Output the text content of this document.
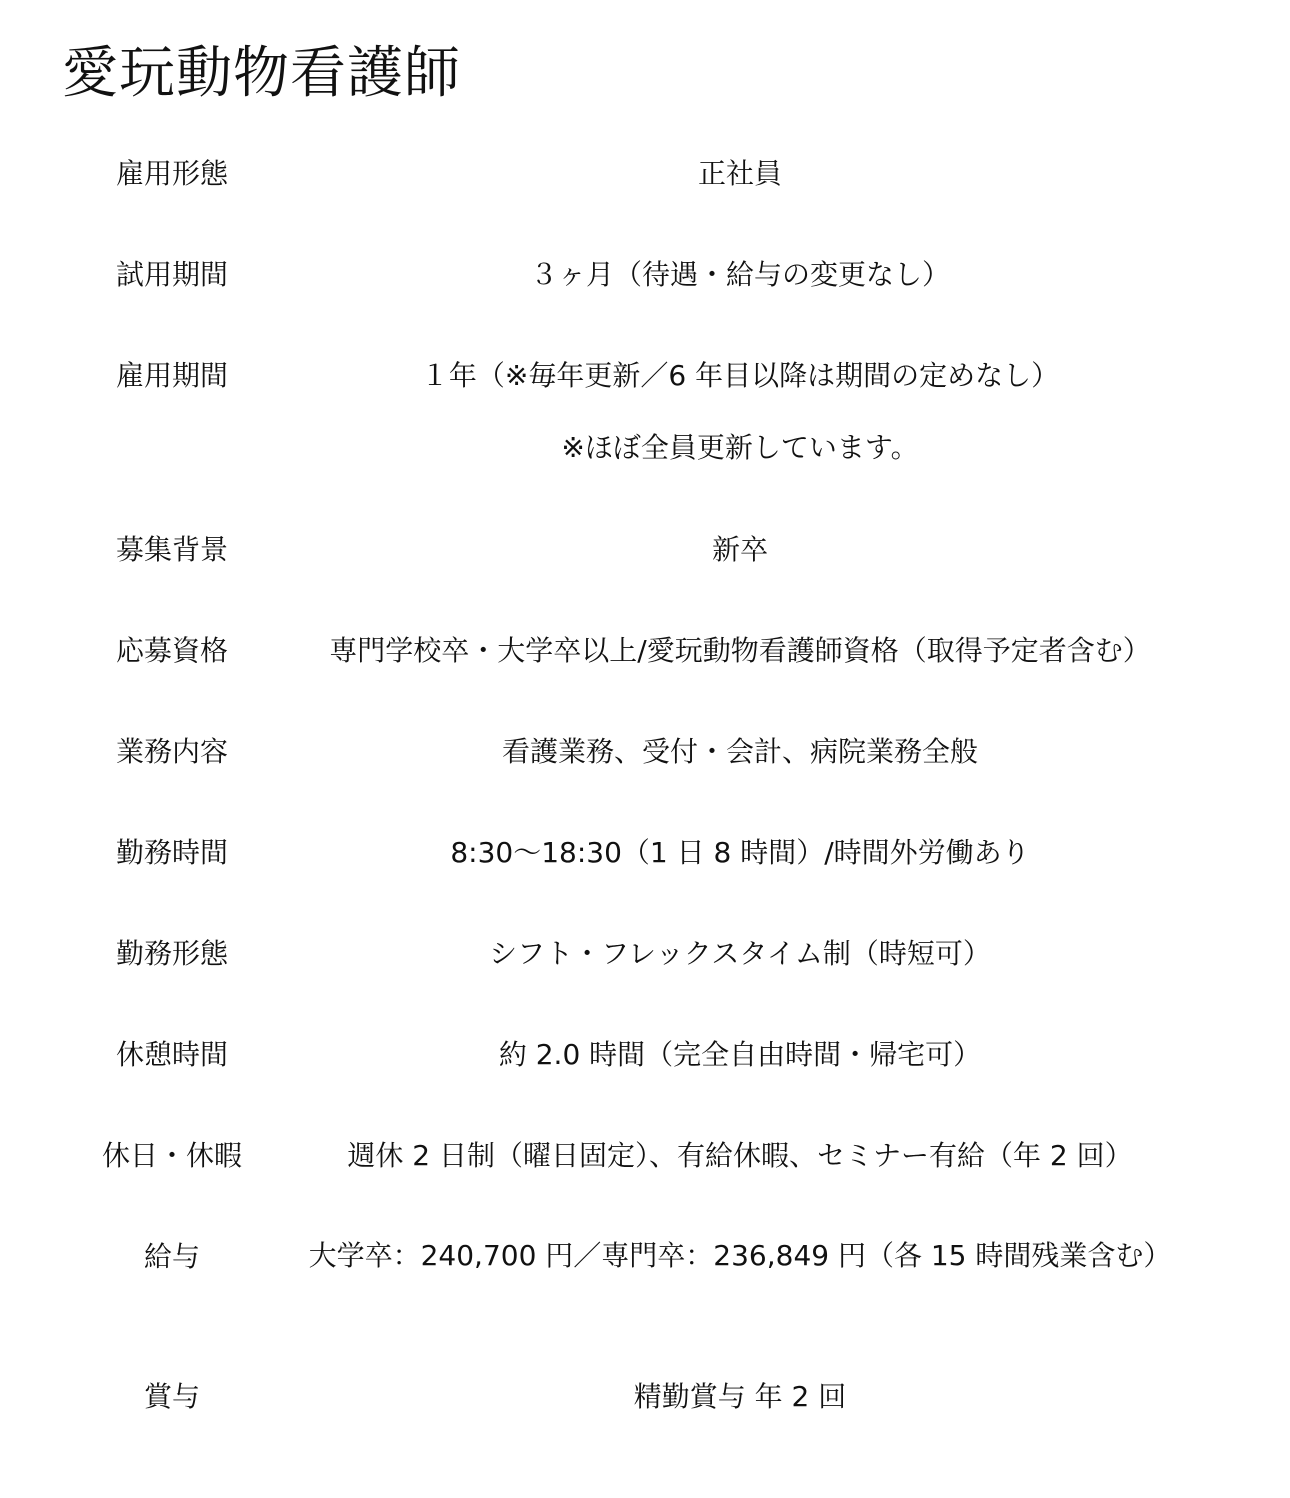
愛玩動物看護師
雇用形態	正社員
試用期間	３ヶ月（待遇・給与の変更なし）
雇用期間	１年（※毎年更新／6 年目以降は期間の定めなし）
※ほぼ全員更新しています。
募集背景	新卒
応募資格	専門学校卒・大学卒以上/愛玩動物看護師資格（取得予定者含む）
業務内容	看護業務、受付・会計、病院業務全般
勤務時間	8:30～18:30（1 日 8 時間）/時間外労働あり
勤務形態	シフト・フレックスタイム制（時短可）
休憩時間	約 2.0 時間（完全自由時間・帰宅可）
休日・休暇	週休 2 日制（曜日固定）、有給休暇、セミナー有給（年 2 回）
給与	大学卒：240,700 円／専門卒：236,849 円（各 15 時間残業含む）
賞与	精勤賞与 年 2 回
